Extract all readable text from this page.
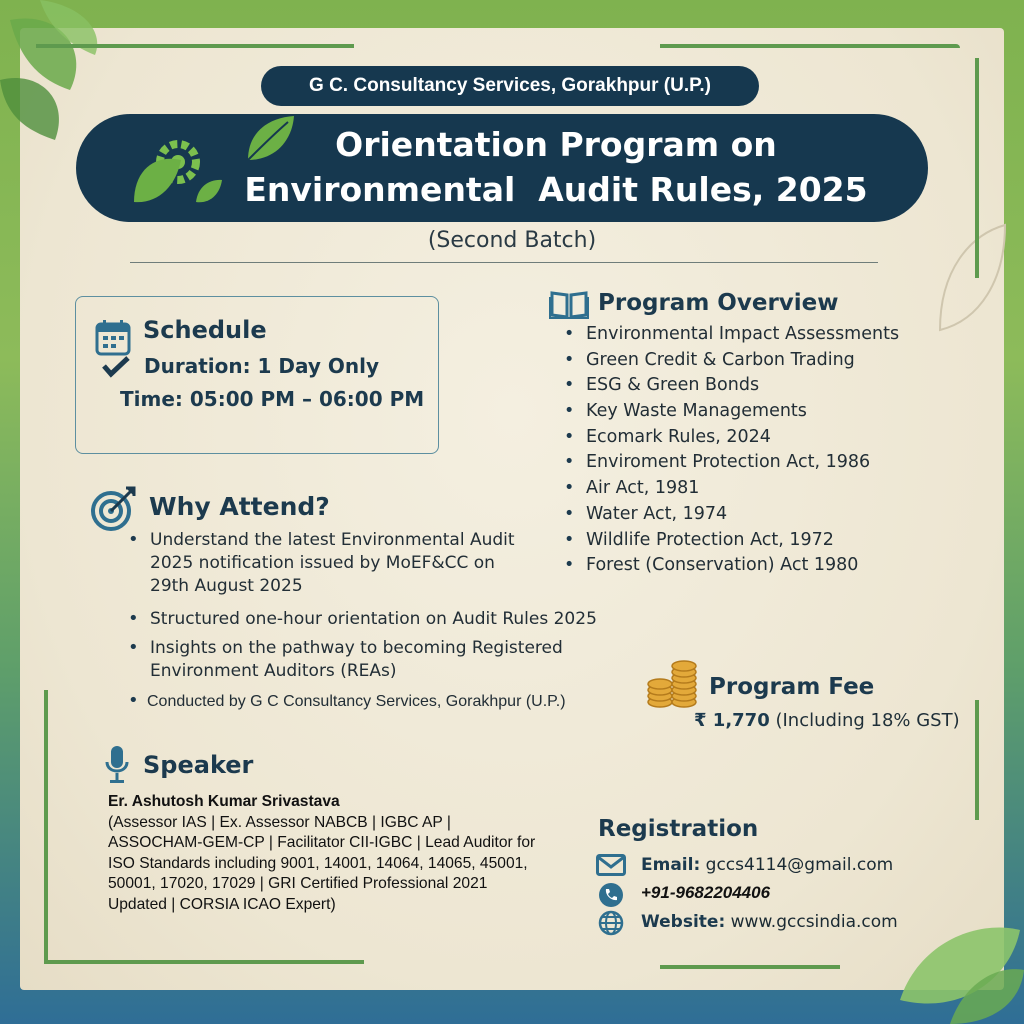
G C. Consultancy Services, Gorakhpur (U.P.)
Orientation Program on
Environmental  Audit Rules, 2025
(Second Batch)
Schedule
Duration: 1 Day Only
Time: 05:00 PM – 06:00 PM
Program Overview
• Environmental Impact Assessments
• Green Credit & Carbon Trading
• ESG & Green Bonds
• Key Waste Managements
• Ecomark Rules, 2024
• Enviroment Protection Act, 1986
• Air Act, 1981
• Water Act, 1974
• Wildlife Protection Act, 1972
• Forest (Conservation) Act 1980
Why Attend?
• Understand the latest Environmental Audit
2025 notification issued by MoEF&CC on
29th August 2025
• Structured one-hour orientation on Audit Rules 2025
• Insights on the pathway to becoming Registered
Environment Auditors (REAs)
• Conducted by G C Consultancy Services, Gorakhpur (U.P.)
Program Fee
₹ 1,770 (Including 18% GST)
Speaker
Er. Ashutosh Kumar Srivastava
(Assessor IAS | Ex. Assessor NABCB | IGBC AP | ASSOCHAM-GEM-CP | Facilitator CII-IGBC | Lead Auditor for ISO Standards including 9001, 14001, 14064, 14065, 45001, 50001, 17020, 17029 | GRI Certified Professional 2021 Updated | CORSIA ICAO Expert)
Registration
Email: gccs4114@gmail.com
+91-9682204406
Website: www.gccsindia.com
